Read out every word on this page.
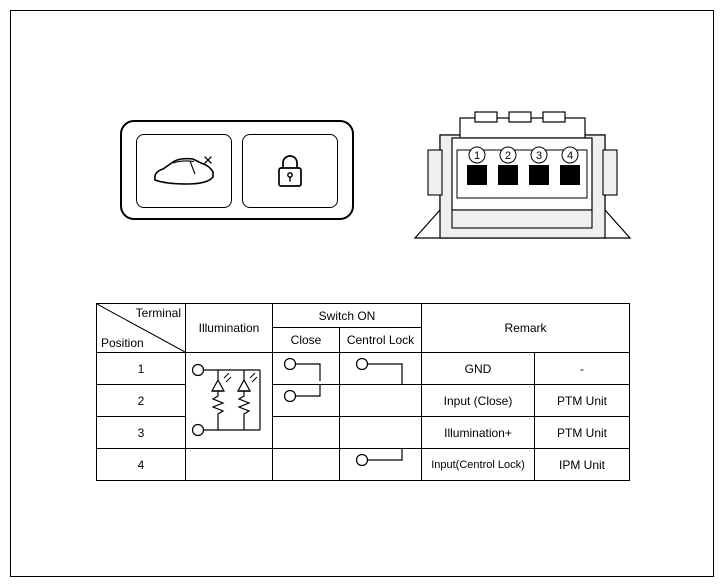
1 2 3 4
Terminal
Position	Illumination	Switch ON		Remark	
		Close	Centrol Lock		
1				GND	-
2				Input (Close)	PTM Unit
3				Illumination+	PTM Unit
4				Input(Centrol Lock)	IPM Unit
